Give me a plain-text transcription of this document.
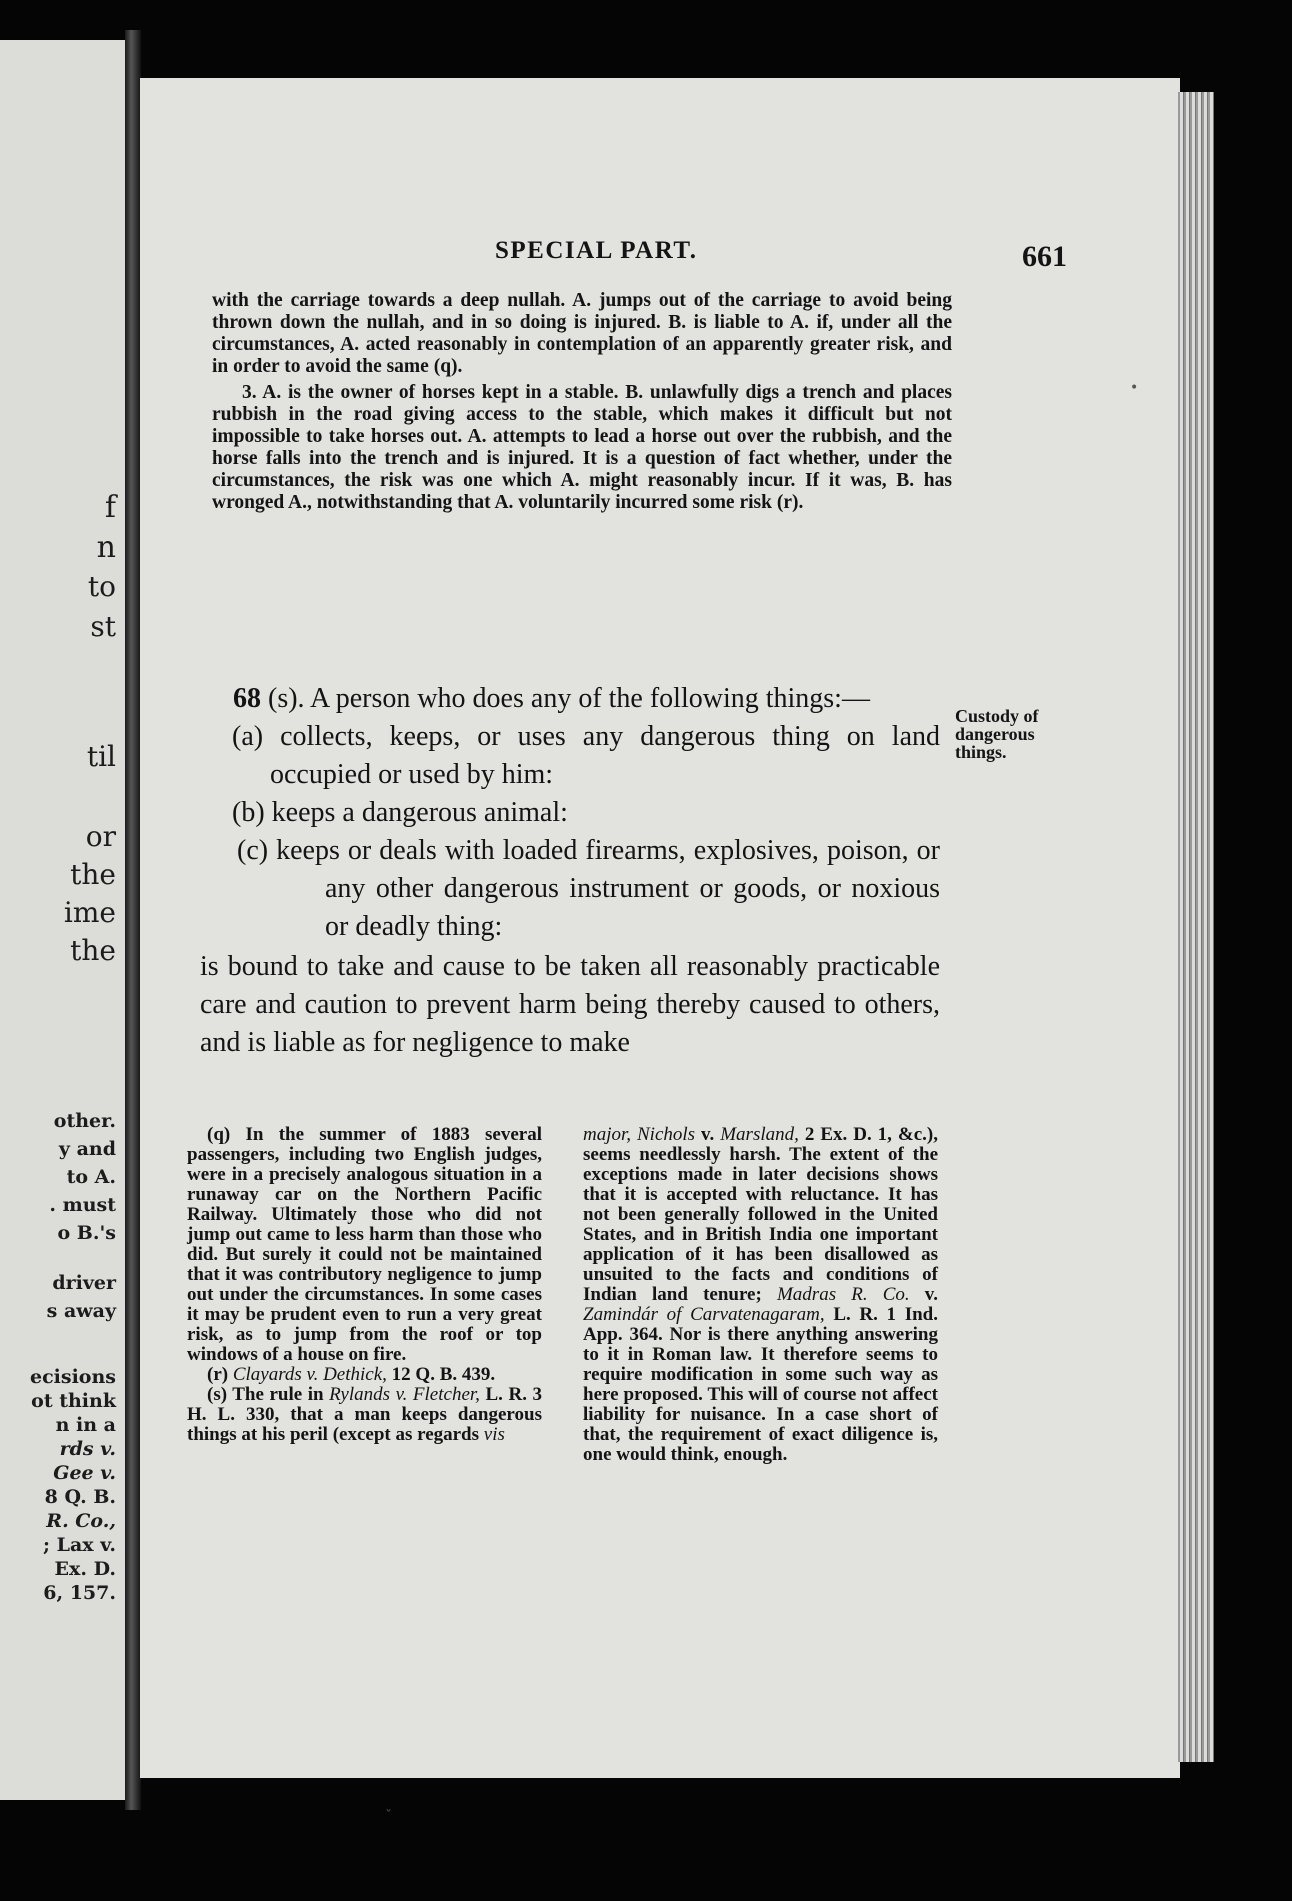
f
n
to
st
til
or
the
ime
the
other.
y and
to A.
. must
o B.'s
driver
s away
ecisions
ot think
n in a
rds v.
Gee v.
8 Q. B.
R. Co.,
; Lax v.
Ex. D.
6, 157.
SPECIAL PART.	661

with the carriage towards a deep nullah. A. jumps out of the carriage to avoid being thrown down the nullah, and in so doing is injured. B. is liable to A. if, under all the circumstances, A. acted reasonably in contemplation of an apparently greater risk, and in order to avoid the same (q).

3. A. is the owner of horses kept in a stable. B. unlawfully digs a trench and places rubbish in the road giving access to the stable, which makes it difficult but not impossible to take horses out. A. attempts to lead a horse out over the rubbish, and the horse falls into the trench and is injured. It is a question of fact whether, under the circumstances, the risk was one which A. might reasonably incur. If it was, B. has wronged A., notwithstanding that A. voluntarily incurred some risk (r).

68 (s). A person who does any of the following things:—
(a) collects, keeps, or uses any dangerous thing on land occupied or used by him:
(b) keeps a dangerous animal:
(c) keeps or deals with loaded firearms, explosives, poison, or any other dangerous instrument or goods, or noxious or deadly thing:
is bound to take and cause to be taken all reasonably practicable care and caution to prevent harm being thereby caused to others, and is liable as for negligence to make
Custody of dangerous things.

(q) In the summer of 1883 several passengers, including two English judges, were in a precisely analogous situation in a runaway car on the Northern Pacific Railway. Ultimately those who did not jump out came to less harm than those who did. But surely it could not be maintained that it was contributory negligence to jump out under the circumstances. In some cases it may be prudent even to run a very great risk, as to jump from the roof or top windows of a house on fire.

(r) Clayards v. Dethick, 12 Q. B. 439.

(s) The rule in Rylands v. Fletcher, L. R. 3 H. L. 330, that a man keeps dangerous things at his peril (except as regards vis

major, Nichols v. Marsland, 2 Ex. D. 1, &c.), seems needlessly harsh. The extent of the exceptions made in later decisions shows that it is accepted with reluctance. It has not been generally followed in the United States, and in British India one important application of it has been disallowed as unsuited to the facts and conditions of Indian land tenure; Madras R. Co. v. Zamindár of Carvatenagaram, L. R. 1 Ind. App. 364. Nor is there anything answering to it in Roman law. It therefore seems to require modification in some such way as here proposed. This will of course not affect liability for nuisance. In a case short of that, the requirement of exact diligence is, one would think, enough.

•
ˇ
